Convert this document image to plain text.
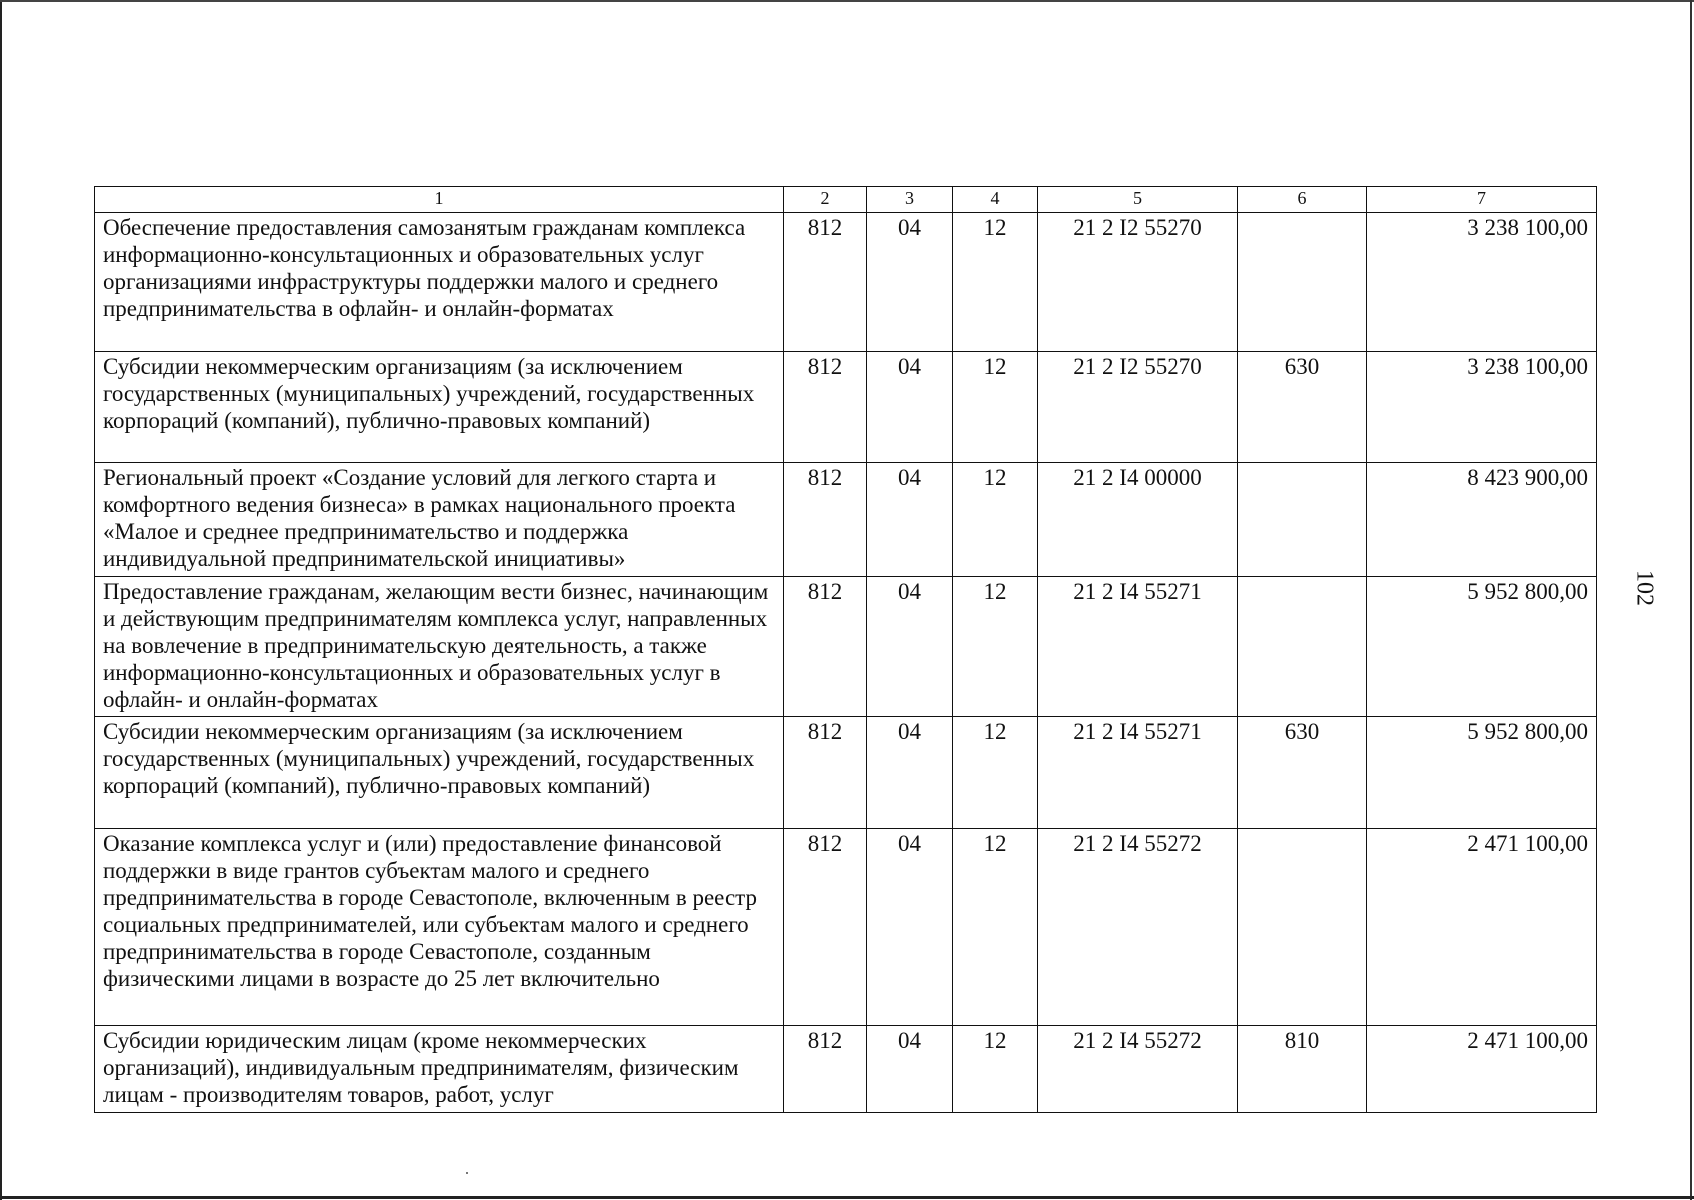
102
1	2	3	4	5	6	7
Обеспечение предоставления самозанятым гражданам комплекса информационно-консультационных и образовательных услуг организациями инфраструктуры поддержки малого и среднего предпринимательства в офлайн- и онлайн-форматах	812	04	12	21 2 I2 55270		3 238 100,00
Субсидии некоммерческим организациям (за исключением государственных (муниципальных) учреждений, государственных корпораций (компаний), публично-правовых компаний)	812	04	12	21 2 I2 55270	630	3 238 100,00
Региональный проект «Создание условий для легкого старта и комфортного ведения бизнеса» в рамках национального проекта «Малое и среднее предпринимательство и поддержка индивидуальной предпринимательской инициативы»	812	04	12	21 2 I4 00000		8 423 900,00
Предоставление гражданам, желающим вести бизнес, начинающим и действующим предпринимателям комплекса услуг, направленных на вовлечение в предпринимательскую деятельность, а также информационно-консультационных и образовательных услуг в офлайн- и онлайн-форматах	812	04	12	21 2 I4 55271		5 952 800,00
Субсидии некоммерческим организациям (за исключением государственных (муниципальных) учреждений, государственных корпораций (компаний), публично-правовых компаний)	812	04	12	21 2 I4 55271	630	5 952 800,00
Оказание комплекса услуг и (или) предоставление финансовой поддержки в виде грантов субъектам малого и среднего предпринимательства в городе Севастополе, включенным в реестр социальных предпринимателей, или субъектам малого и среднего предпринимательства в городе Севастополе, созданным физическими лицами в возрасте до 25 лет включительно	812	04	12	21 2 I4 55272		2 471 100,00
Субсидии юридическим лицам (кроме некоммерческих организаций), индивидуальным предпринимателям, физическим лицам - производителям товаров, работ, услуг	812	04	12	21 2 I4 55272	810	2 471 100,00
